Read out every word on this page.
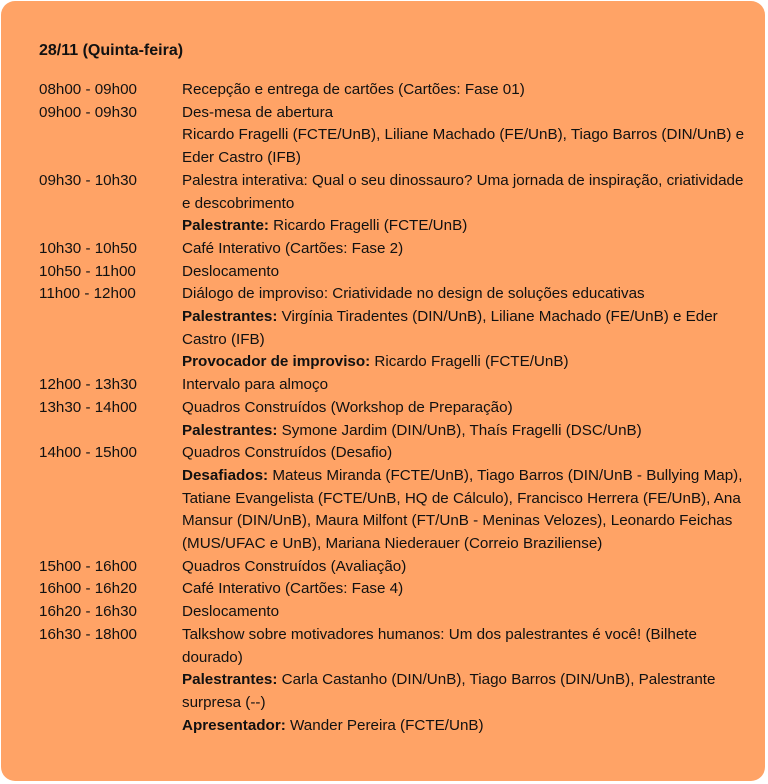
28/11 (Quinta-feira)
08h00 - 09h00	Recepção e entrega de cartões (Cartões: Fase 01)
09h00 - 09h30	Des-mesa de abertura
Ricardo Fragelli (FCTE/UnB), Liliane Machado (FE/UnB), Tiago Barros (DIN/UnB) e Eder Castro (IFB)
09h30 - 10h30	Palestra interativa: Qual o seu dinossauro? Uma jornada de inspiração, criatividade e descobrimento
Palestrante: Ricardo Fragelli (FCTE/UnB)
10h30 - 10h50	Café Interativo (Cartões: Fase 2)
10h50 - 11h00	Deslocamento
11h00 - 12h00	Diálogo de improviso: Criatividade no design de soluções educativas
Palestrantes: Virgínia Tiradentes (DIN/UnB), Liliane Machado (FE/UnB) e Eder Castro (IFB)
Provocador de improviso: Ricardo Fragelli (FCTE/UnB)
12h00 - 13h30	Intervalo para almoço
13h30 - 14h00	Quadros Construídos (Workshop de Preparação)
Palestrantes: Symone Jardim (DIN/UnB), Thaís Fragelli (DSC/UnB)
14h00 - 15h00	Quadros Construídos (Desafio)
Desafiados: Mateus Miranda (FCTE/UnB), Tiago Barros (DIN/UnB - Bullying Map), Tatiane Evangelista (FCTE/UnB, HQ de Cálculo), Francisco Herrera (FE/UnB), Ana Mansur (DIN/UnB), Maura Milfont (FT/UnB - Meninas Velozes), Leonardo Feichas (MUS/UFAC e UnB), Mariana Niederauer (Correio Braziliense)
15h00 - 16h00	Quadros Construídos (Avaliação)
16h00 - 16h20	Café Interativo (Cartões: Fase 4)
16h20 - 16h30	Deslocamento
16h30 - 18h00	Talkshow sobre motivadores humanos: Um dos palestrantes é você! (Bilhete dourado)
Palestrantes: Carla Castanho (DIN/UnB), Tiago Barros (DIN/UnB), Palestrante surpresa (--)
Apresentador: Wander Pereira (FCTE/UnB)
